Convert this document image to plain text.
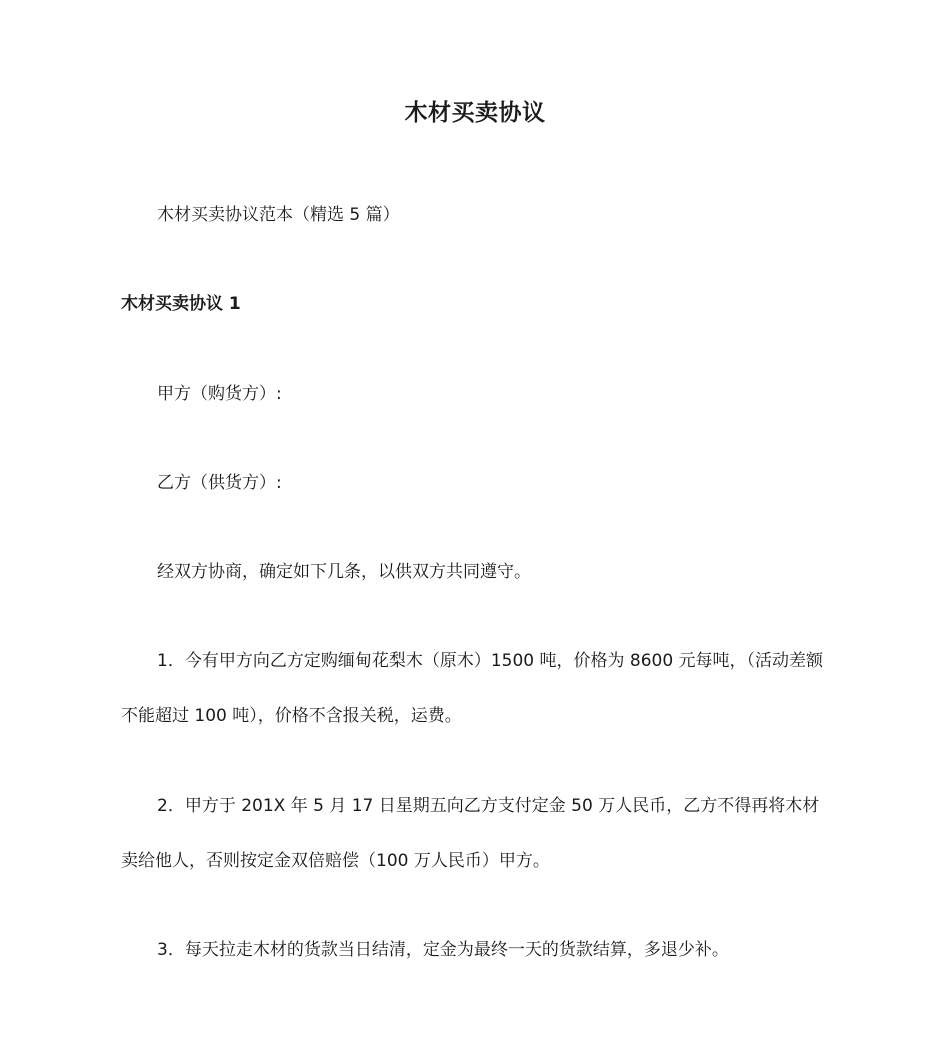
木材买卖协议
木材买卖协议范本（精选 5 篇）
木材买卖协议 1
甲方（购货方）:
乙方（供货方）:
经双方协商，确定如下几条，以供双方共同遵守。
1．今有甲方向乙方定购缅甸花梨木（原木）1500 吨，价格为 8600 元每吨，（活动差额不能超过 100 吨），价格不含报关税，运费。
2．甲方于 201X 年 5 月 17 日星期五向乙方支付定金 50 万人民币，乙方不得再将木材卖给他人，否则按定金双倍赔偿（100 万人民币）甲方。
3．每天拉走木材的货款当日结清，定金为最终一天的货款结算，多退少补。
